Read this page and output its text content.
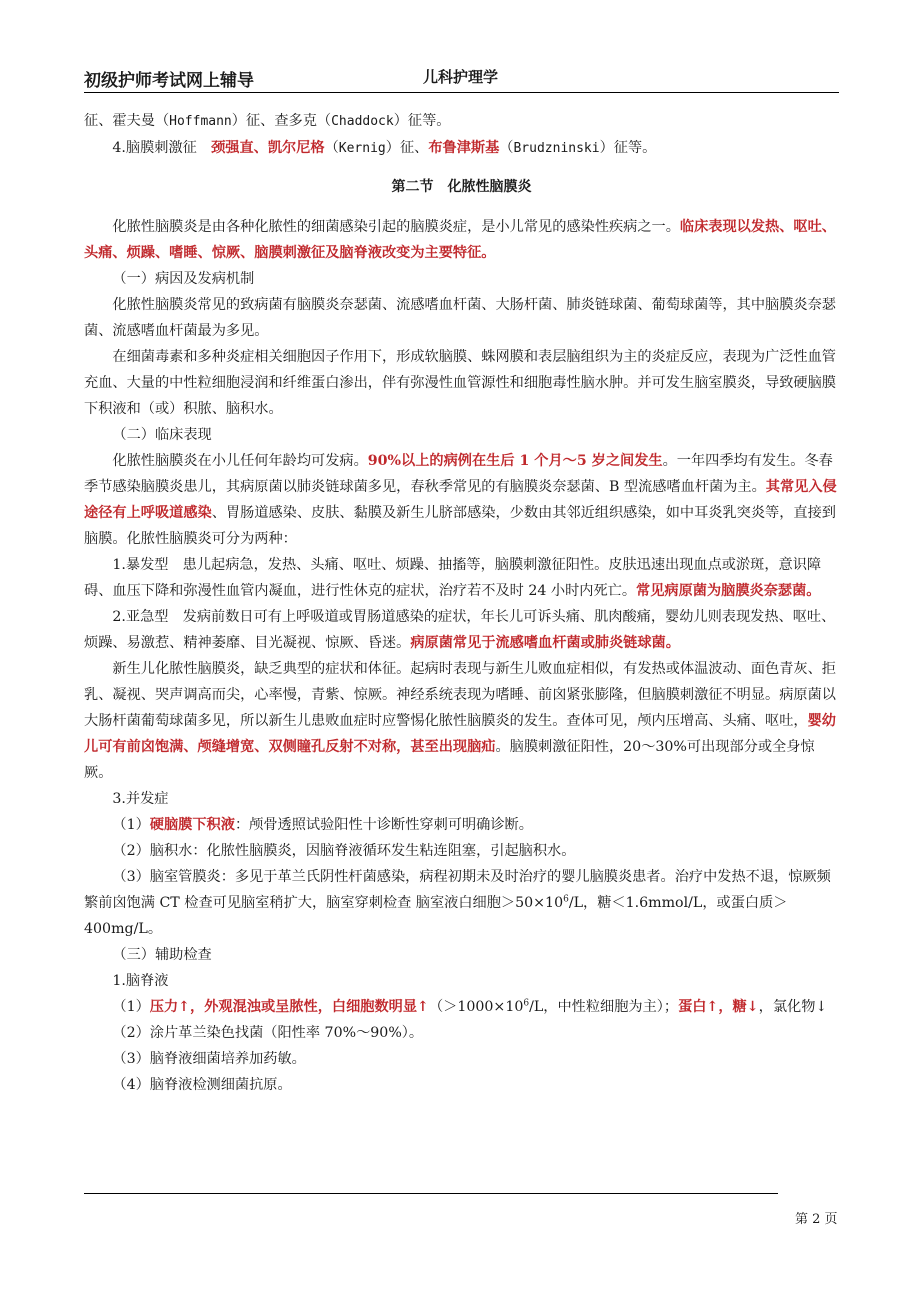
初级护师考试网上辅导	儿科护理学

征、霍夫曼（Hoffmann）征、查多克（Chaddock）征等。

4.脑膜刺激征　颈强直、凯尔尼格（Kernig）征、布鲁津斯基（Brudzninski）征等。

第二节　化脓性脑膜炎

化脓性脑膜炎是由各种化脓性的细菌感染引起的脑膜炎症，是小儿常见的感染性疾病之一。临床表现以发热、呕吐、头痛、烦躁、嗜睡、惊厥、脑膜刺激征及脑脊液改变为主要特征。

（一）病因及发病机制

化脓性脑膜炎常见的致病菌有脑膜炎奈瑟菌、流感嗜血杆菌、大肠杆菌、肺炎链球菌、葡萄球菌等，其中脑膜炎奈瑟菌、流感嗜血杆菌最为多见。

在细菌毒素和多种炎症相关细胞因子作用下，形成软脑膜、蛛网膜和表层脑组织为主的炎症反应，表现为广泛性血管充血、大量的中性粒细胞浸润和纤维蛋白渗出，伴有弥漫性血管源性和细胞毒性脑水肿。并可发生脑室膜炎，导致硬脑膜下积液和（或）积脓、脑积水。

（二）临床表现

化脓性脑膜炎在小儿任何年龄均可发病。90%以上的病例在生后 1 个月～5 岁之间发生。一年四季均有发生。冬春季节感染脑膜炎患儿，其病原菌以肺炎链球菌多见，春秋季常见的有脑膜炎奈瑟菌、B 型流感嗜血杆菌为主。其常见入侵途径有上呼吸道感染、胃肠道感染、皮肤、黏膜及新生儿脐部感染，少数由其邻近组织感染，如中耳炎乳突炎等，直接到脑膜。化脓性脑膜炎可分为两种：

1.暴发型　患儿起病急，发热、头痛、呕吐、烦躁、抽搐等，脑膜刺激征阳性。皮肤迅速出现血点或淤斑，意识障碍、血压下降和弥漫性血管内凝血，进行性休克的症状，治疗若不及时 24 小时内死亡。常见病原菌为脑膜炎奈瑟菌。

2.亚急型　发病前数日可有上呼吸道或胃肠道感染的症状，年长儿可诉头痛、肌肉酸痛，婴幼儿则表现发热、呕吐、烦躁、易激惹、精神萎靡、目光凝视、惊厥、昏迷。病原菌常见于流感嗜血杆菌或肺炎链球菌。

新生儿化脓性脑膜炎，缺乏典型的症状和体征。起病时表现与新生儿败血症相似，有发热或体温波动、面色青灰、拒乳、凝视、哭声调高而尖，心率慢，青紫、惊厥。神经系统表现为嗜睡、前囟紧张膨隆，但脑膜刺激征不明显。病原菌以大肠杆菌葡萄球菌多见，所以新生儿患败血症时应警惕化脓性脑膜炎的发生。查体可见，颅内压增高、头痛、呕吐，婴幼儿可有前囟饱满、颅缝增宽、双侧瞳孔反射不对称，甚至出现脑疝。脑膜刺激征阳性，20～30%可出现部分或全身惊厥。

3.并发症

（1）硬脑膜下积液：颅骨透照试验阳性十诊断性穿刺可明确诊断。

（2）脑积水：化脓性脑膜炎，因脑脊液循环发生粘连阻塞，引起脑积水。

（3）脑室管膜炎：多见于革兰氏阴性杆菌感染，病程初期未及时治疗的婴儿脑膜炎患者。治疗中发热不退，惊厥频繁前囟饱满 CT 检查可见脑室稍扩大，脑室穿刺检查 脑室液白细胞$>50\times 10^6/L$，糖＜1.6mmol/L，或蛋白质＞400mg/L。

（三）辅助检查

1.脑脊液

（1）压力↑，外观混浊或呈脓性，白细胞数明显$↑(>1000\times 10^6/L$，中性粒细胞为主）；蛋白↑，糖↓，氯化物↓

（2）涂片革兰染色找菌（阳性率 70%～90%）。

（3）脑脊液细菌培养加药敏。

（4）脑脊液检测细菌抗原。

第 2 页
